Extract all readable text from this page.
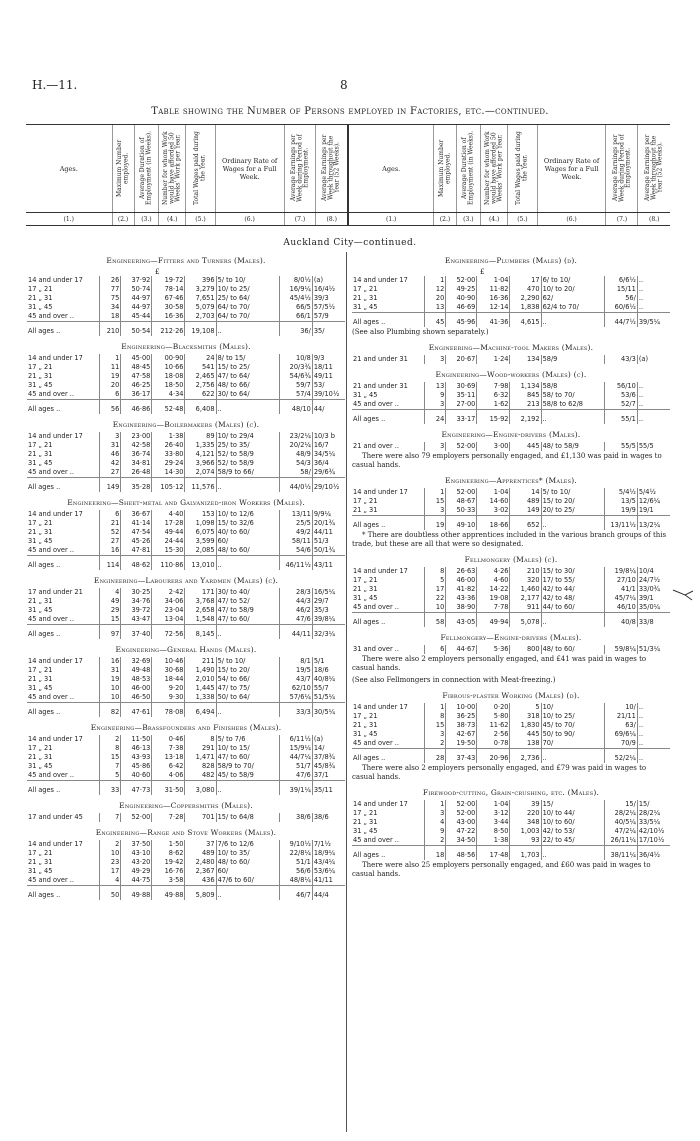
H.—11.	8
Table showing the Number of Persons employed in Factories, etc.—continued.
Ages.	Maximum Number employed.	Average Duration of Employment (in Weeks).	Number for whom Work would have afforded 50 Weeks' Work per Year.	Total Wages paid during the Year.	Ordinary Rate of Wages for a Full Week.	Average Earnings per Week during Period of Employment.	Average Earnings per Week throughout the Year (52 Weeks).	Ages.	Maximum Number employed.	Average Duration of Employment (in Weeks).	Number for whom Work would have afforded 50 Weeks' Work per Year.	Total Wages paid during the Year.	Ordinary Rate of Wages for a Full Week.	Average Earnings per Week during Period of Employment.	Average Earnings per Week throughout the Year (52 Weeks).
(1.)	(2.)	(3.)	(4.)	(5.)	(6.)	(7.)	(8.)	(1.)	(2.)	(3.)	(4.)	(5.)	(6.)	(7.)	(8.)
Auckland City—continued.
Engineering—Fitters and Turners (Males).
£
14 and under 17	26	37·92	19·72	396	5/ to 10/	8/0½	(a)
17 „ 21	77	50·74	78·14	3,279	10/ to 25/	16/9¼	16/4½
21 „ 31	75	44·97	67·46	7,651	25/ to 64/	45/4½	39/3
31 „ 45	34	44·97	30·58	5,079	64/ to 70/	66/5	57/5½
45 and over ..	18	45·44	16·36	2,703	64/ to 70/	66/1	57/9
All ages ..	210	50·54	212·26	19,108	..	36/	35/
Engineering—Blacksmiths (Males).
14 and under 17	1	45·00	00·90	24	8/ to 15/	10/8	9/3
17 „ 21	11	48·45	10·66	541	15/ to 25/	20/3¾	18/11
21 „ 31	19	47·58	18·08	2,465	47/ to 64/	54/6¾	49/11
31 „ 45	20	46·25	18·50	2,756	48/ to 66/	59/7	53/
45 and over ..	6	36·17	4·34	622	30/ to 64/	57/4	39/10½
All ages ..	56	46·86	52·48	6,408	..	48/10	44/
Engineering—Boilermakers (Males) (c).
14 and under 17	3	23·00	1·38	89	10/ to 29/4	23/2¼	10/3 b
17 „ 21	31	42·58	26·40	1,335	25/ to 35/	20/2¼	16/7
21 „ 31	46	36·74	33·80	4,121	52/ to 58/9	48/9	34/5¼
31 „ 45	42	34·81	29·24	3,966	52/ to 58/9	54/3	36/4
45 and over ..	27	26·48	14·30	2,074	58/9 to 66/	58/	29/6¾
All ages ..	149	35·28	105·12	11,576	..	44/0½	29/10½
Engineering—Sheet-metal and Galvanized-iron Workers (Males).
14 and under 17	6	36·67	4·40	153	10/ to 12/6	13/11	9/9¼
17 „ 21	21	41·14	17·28	1,098	15/ to 32/6	25/5	20/1¾
21 „ 31	52	47·54	49·44	6,075	40/ to 60/	49/2	44/11
31 „ 45	27	45·26	24·44	3,599	60/	58/11	51/3
45 and over ..	16	47·81	15·30	2,085	48/ to 60/	54/6	50/1¾
All ages ..	114	48·62	110·86	13,010	..	46/11½	43/11
Engineering—Labourers and Yardmen (Males) (c).
17 and under 21	4	30·25	2·42	171	30/ to 40/	28/3	16/5¼
21 „ 31	49	34·76	34·06	3,768	47/ to 52/	44/3	29/7
31 „ 45	29	39·72	23·04	2,658	47/ to 58/9	46/2	35/3
45 and over ..	15	43·47	13·04	1,548	47/ to 60/	47/6	39/8¼
All ages ..	97	37·40	72·56	8,145	..	44/11	32/3¼
Engineering—General Hands (Males).
14 and under 17	16	32·69	10·46	211	5/ to 10/	8/1	5/1
17 „ 21	31	49·48	30·68	1,490	15/ to 20/	19/5	18/6
21 „ 31	19	48·53	18·44	2,010	54/ to 66/	43/7	40/8¼
31 „ 45	10	46·00	9·20	1,445	47/ to 75/	62/10	55/7
45 and over ..	10	46·50	9·30	1,338	50/ to 64/	57/6¼	51/5¼
All ages ..	82	47·61	78·08	6,494	..	33/3	30/5¼
Engineering—Brassfounders and Finishers (Males).
14 and under 17	2	11·50	0·46	8	5/ to 7/6	6/11½	(a)
17 „ 21	8	46·13	7·38	291	10/ to 15/	15/9¼	14/
21 „ 31	15	43·93	13·18	1,471	47/ to 60/	44/7¼	37/8¾
31 „ 45	7	45·86	6·42	828	58/9 to 70/	51/7	45/8¾
45 and over ..	5	40·60	4·06	482	45/ to 58/9	47/6	37/1
All ages ..	33	47·73	31·50	3,080	..	39/1¼	35/11
Engineering—Coppersmiths (Males).
17 and under 45	7	52·00	7·28	701	15/ to 64/8	38/6	38/6
Engineering—Range and Stove Workers (Males).
14 and under 17	2	37·50	1·50	37	7/6 to 12/6	9/10½	7/1½
17 „ 21	10	43·10	8·62	489	10/ to 35/	22/8¼	18/9¼
21 „ 31	23	43·20	19·42	2,480	48/ to 60/	51/1	43/4¼
31 „ 45	17	49·29	16·76	2,367	60/	56/6	53/6¼
45 and over ..	4	44·75	3·58	436	47/6 to 60/	48/8¼	41/11
All ages ..	50	49·88	49·88	5,809	..	46/7	44/4
Engineering—Plumbers (Males) (d).
£
14 and under 17	1	52·00	1·04	17	6/ to 10/	6/6½	..
17 „ 21	12	49·25	11·82	470	10/ to 20/	15/11	..
21 „ 31	20	40·90	16·36	2,290	62/	56/	..
31 „ 45	13	46·69	12·14	1,838	62/4 to 70/	60/6½	..
All ages ..	45	45·96	41·36	4,615	..	44/7½	39/5¼
(See also Plumbing shown separately.)
Engineering—Machine-tool Makers (Males).
21 and under 31	3	20·67	1·24	134	58/9	43/3	(a)
Engineering—Wood-workers (Males) (c).
21 and under 31	13	30·69	7·98	1,134	58/8	56/10	..
31 „ 45	9	35·11	6·32	845	58/ to 70/	53/6	..
45 and over ..	3	27·00	1·62	213	58/8 to 62/8	52/7	..
All ages ..	24	33·17	15·92	2,192	..	55/1	..
Engineering—Engine-drivers (Males).
21 and over ..	3	52·00	3·00	445	48/ to 58/9	55/5	55/5
There were also 79 employers personally engaged, and £1,130 was paid in wages to casual hands.
Engineering—Apprentices* (Males).
14 and under 17	1	52·00	1·04	14	5/ to 10/	5/4½	5/4½
17 „ 21	15	48·67	14·60	489	15/ to 20/	13/5	12/6¼
21 „ 31	3	50·33	3·02	149	20/ to 25/	19/9	19/1
All ages ..	19	49·10	18·66	652	..	13/11½	13/2¼
* There are doubtless other apprentices included in the various branch groups of this trade, but these are all that were so designated.
Fellmongery (Males) (c).
14 and under 17	8	26·63	4·26	210	15/ to 30/	19/8¼	10/4
17 „ 21	5	46·00	4·60	320	17/ to 55/	27/10	24/7½
21 „ 31	17	41·82	14·22	1,460	42/ to 44/	41/1	33/0¾
31 „ 45	22	43·36	19·08	2,177	42/ to 48/	45/7¼	39/1
45 and over ..	10	38·90	7·78	911	44/ to 60/	46/10	35/0¼
All ages ..	58	43·05	49·94	5,078	..	40/8	33/8
Fellmongery—Engine-drivers (Males).
31 and over ..	6	44·67	5·36	800	48/ to 60/	59/8¼	51/3¼
There were also 2 employers personally engaged, and £41 was paid in wages to casual hands.
(See also Fellmongers in connection with Meat-freezing.)
Fibrous-plaster Working (Males) (d).
14 and under 17	1	10·00	0·20	5	10/	10/	..
17 „ 21	8	36·25	5·80	318	10/ to 25/	21/11	..
21 „ 31	15	38·73	11·62	1,830	45/ to 70/	63/	..
31 „ 45	3	42·67	2·56	445	50/ to 90/	69/6¼	..
45 and over ..	2	19·50	0·78	138	70/	70/9	..
All ages ..	28	37·43	20·96	2,736	..	52/2¼	..
There were also 2 employers personally engaged, and £79 was paid in wages to casual hands.
Firewood-cutting, Grain-crushing, etc. (Males).
14 and under 17	1	52·00	1·04	39	15/	15/	15/
17 „ 21	3	52·00	3·12	220	10/ to 44/	28/2¼	28/2¼
21 „ 31	4	43·00	3·44	348	10/ to 60/	40/5¼	33/5¼
31 „ 45	9	47·22	8·50	1,003	42/ to 53/	47/2¼	42/10½
45 and over ..	2	34·50	1·38	93	22/ to 45/	26/11¼	17/10½
All ages ..	18	48·56	17·48	1,703	..	38/11¼	36/4½
There were also 25 employers personally engaged, and £60 was paid in wages to casual hands.
